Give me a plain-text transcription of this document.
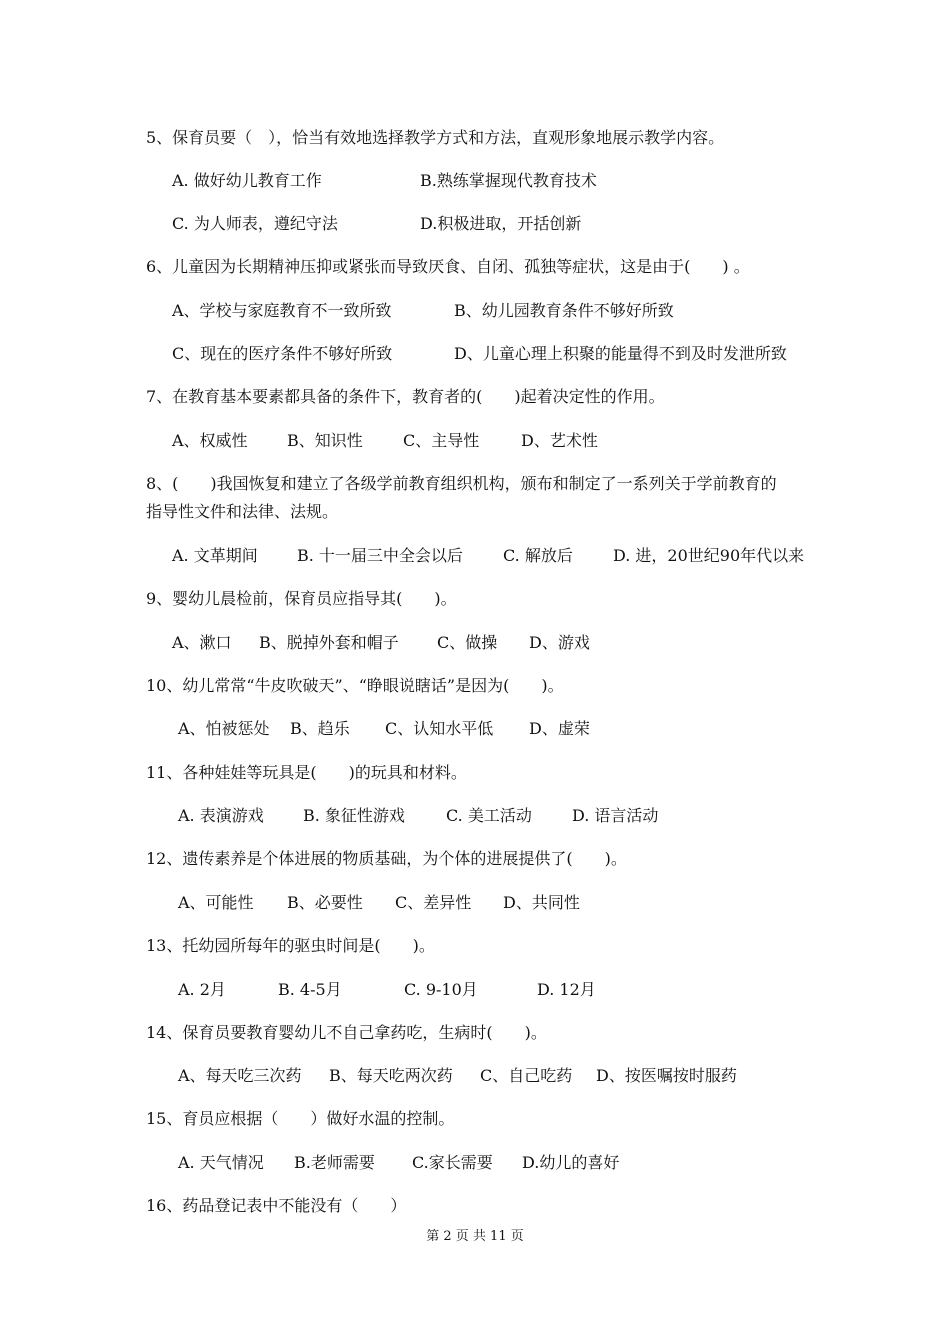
5、保育员要（　），恰当有效地选择教学方式和方法，直观形象地展示教学内容。
A. 做好幼儿教育工作	B.熟练掌握现代教育技术
C. 为人师表，遵纪守法	D.积极进取，开括创新
6、儿童因为长期精神压抑或紧张而导致厌食、自闭、孤独等症状，这是由于(　　) 。
A、学校与家庭教育不一致所致	B、幼儿园教育条件不够好所致
C、现在的医疗条件不够好所致	D、儿童心理上积聚的能量得不到及时发泄所致
7、在教育基本要素都具备的条件下，教育者的(　　)起着决定性的作用。
A、权威性 B、知识性	C、主导性	D、艺术性
8、(　　)我国恢复和建立了各级学前教育组织机构，颁布和制定了一系列关于学前教育的
指导性文件和法律、法规。
A. 文革期间 B. 十一届三中全会以后	C. 解放后	D. 进，20世纪90年代以来
9、婴幼儿晨检前，保育员应指导其(　　)。
A、漱口 B、脱掉外套和帽子 C、做操 D、游戏
10、幼儿常常“牛皮吹破天”、“睁眼说瞎话”是因为(　　)。
A、怕被惩处 B、趋乐 C、认知水平低 D、虚荣
11、各种娃娃等玩具是(　　)的玩具和材料。
A. 表演游戏 B. 象征性游戏	C. 美工活动	D. 语言活动
12、遗传素养是个体进展的物质基础，为个体的进展提供了(　　)。
A、可能性 B、必要性 C、差异性 D、共同性
13、托幼园所每年的驱虫时间是(　　)。
A. 2月	B. 4-5月	C. 9-10月	D. 12月
14、保育员要教育婴幼儿不自己拿药吃，生病时(　　)。
A、每天吃三次药 B、每天吃两次药 C、自己吃药 D、按医嘱按时服药
15、育员应根据（　　）做好水温的控制。
A. 天气情况 B.老师需要 C.家长需要 D.幼儿的喜好
16、药品登记表中不能没有（　　）
第 2 页 共 11 页
